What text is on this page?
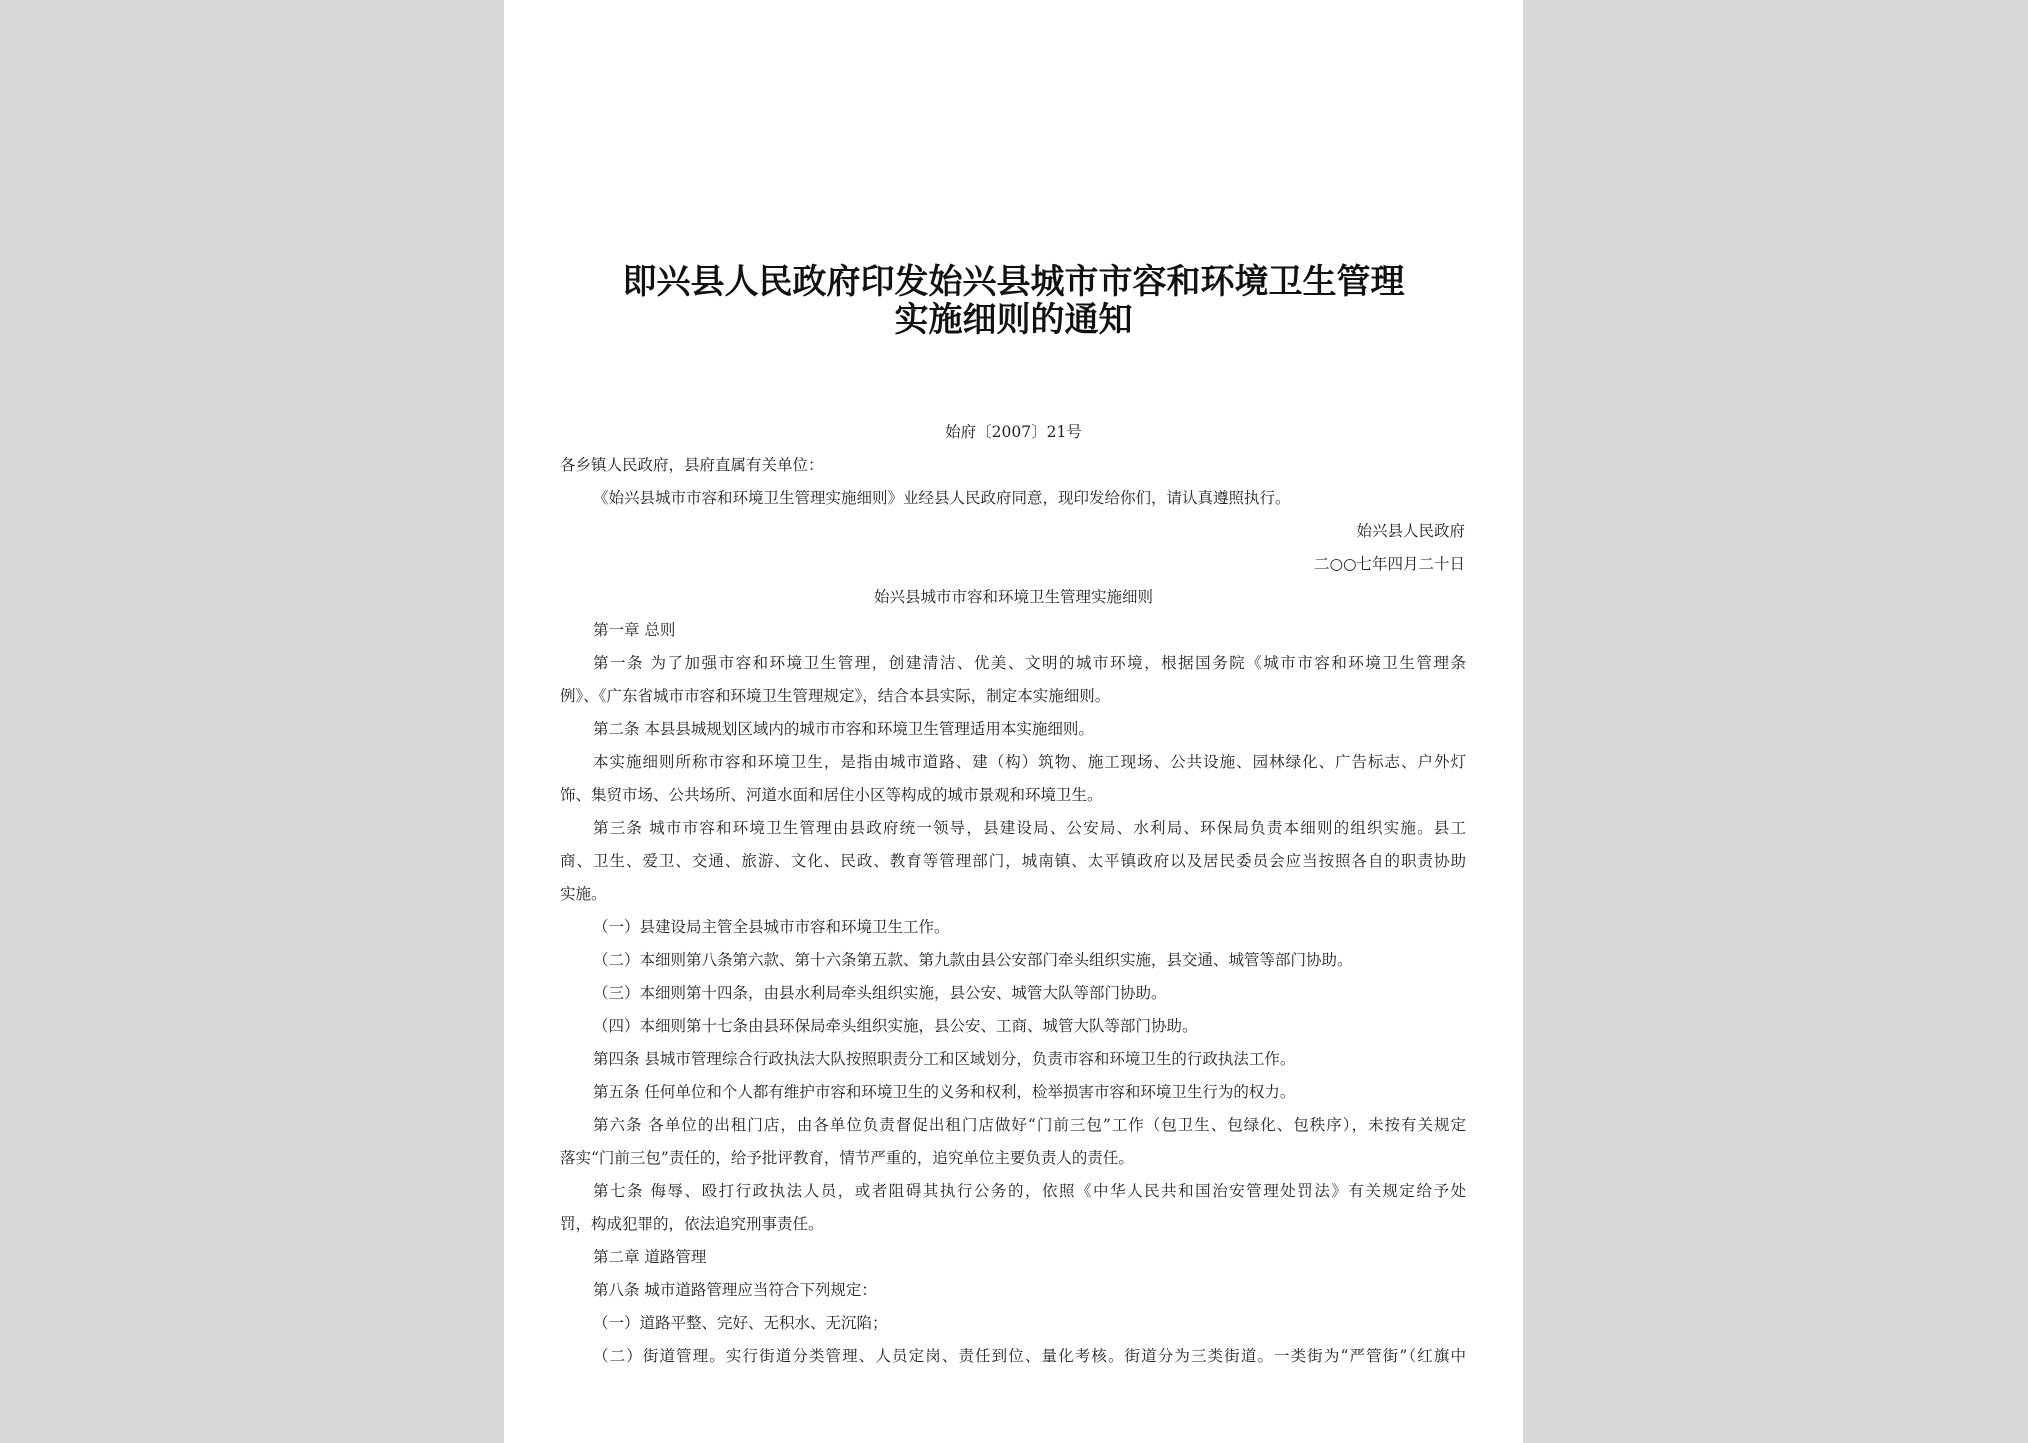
即兴县人民政府印发始兴县城市市容和环境卫生管理
实施细则的通知

始府〔2007〕21号

各乡镇人民政府，县府直属有关单位：

《始兴县城市市容和环境卫生管理实施细则》业经县人民政府同意，现印发给你们，请认真遵照执行。

始兴县人民政府

二○○七年四月二十日

始兴县城市市容和环境卫生管理实施细则

第一章 总则

第一条 为了加强市容和环境卫生管理，创建清洁、优美、文明的城市环境，根据国务院《城市市容和环境卫生管理条

例》、《广东省城市市容和环境卫生管理规定》，结合本县实际，制定本实施细则。

第二条 本县县城规划区域内的城市市容和环境卫生管理适用本实施细则。

本实施细则所称市容和环境卫生，是指由城市道路、建（构）筑物、施工现场、公共设施、园林绿化、广告标志、户外灯

饰、集贸市场、公共场所、河道水面和居住小区等构成的城市景观和环境卫生。

第三条 城市市容和环境卫生管理由县政府统一领导，县建设局、公安局、水利局、环保局负责本细则的组织实施。县工

商、卫生、爱卫、交通、旅游、文化、民政、教育等管理部门，城南镇、太平镇政府以及居民委员会应当按照各自的职责协助

实施。

（一）县建设局主管全县城市市容和环境卫生工作。

（二）本细则第八条第六款、第十六条第五款、第九款由县公安部门牵头组织实施，县交通、城管等部门协助。

（三）本细则第十四条，由县水利局牵头组织实施，县公安、城管大队等部门协助。

（四）本细则第十七条由县环保局牵头组织实施，县公安、工商、城管大队等部门协助。

第四条 县城市管理综合行政执法大队按照职责分工和区域划分，负责市容和环境卫生的行政执法工作。

第五条 任何单位和个人都有维护市容和环境卫生的义务和权利，检举损害市容和环境卫生行为的权力。

第六条 各单位的出租门店，由各单位负责督促出租门店做好“门前三包”工作（包卫生、包绿化、包秩序），未按有关规定

落实“门前三包”责任的，给予批评教育，情节严重的，追究单位主要负责人的责任。

第七条 侮辱、殴打行政执法人员，或者阻碍其执行公务的，依照《中华人民共和国治安管理处罚法》有关规定给予处

罚，构成犯罪的，依法追究刑事责任。

第二章 道路管理

第八条 城市道路管理应当符合下列规定：

（一）道路平整、完好、无积水、无沉陷；

（二）街道管理。实行街道分类管理、人员定岗、责任到位、量化考核。街道分为三类街道。一类街为“严管街”（红旗中
